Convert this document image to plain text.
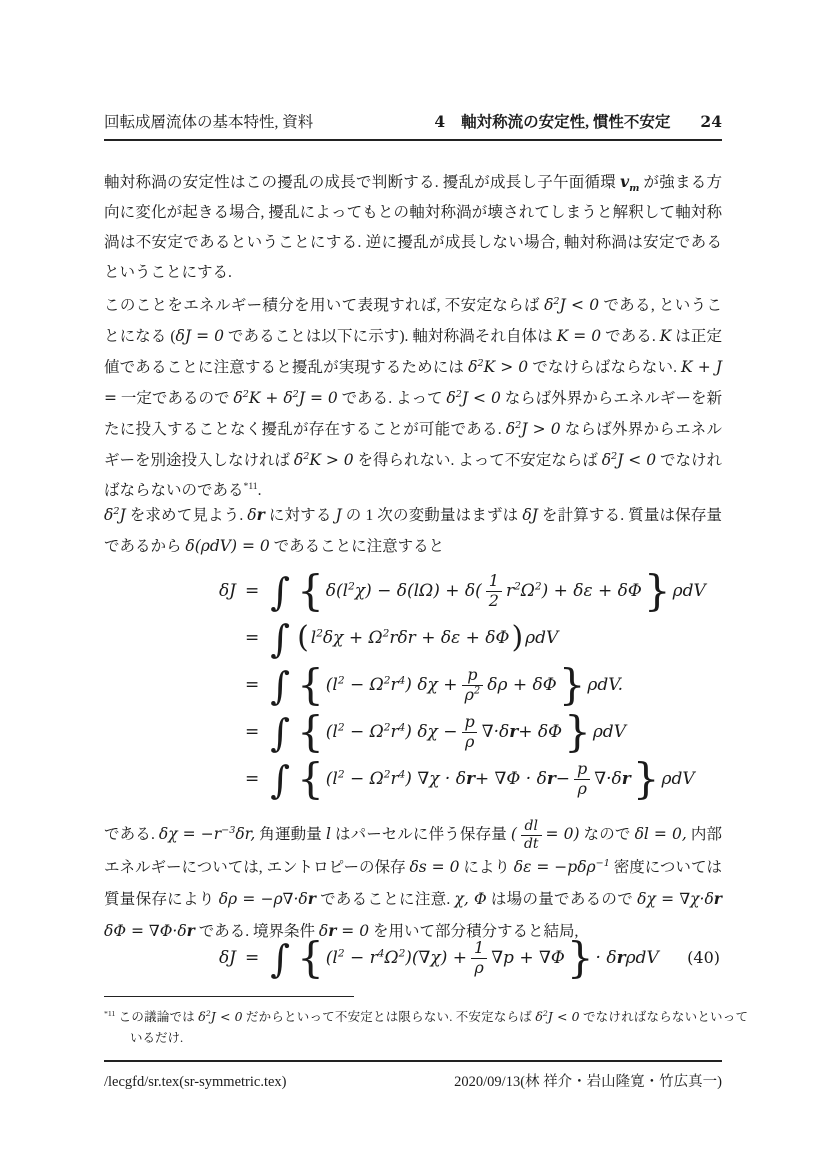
回転成層流体の基本特性, 資料	4 軸対称流の安定性, 慣性不安定 24

軸対称渦の安定性はこの擾乱の成長で判断する. 擾乱が成長し子午面循環 $v_m$ が強まる方向に変化が起きる場合, 擾乱によってもとの軸対称渦が壊されてしまうと解釈して軸対称渦は不安定であるということにする. 逆に擾乱が成長しない場合, 軸対称渦は安定であるということにする.

このことをエネルギー積分を用いて表現すれば, 不安定ならば $\delta^2J < 0$ である, ということになる (δJ = 0 であることは以下に示す). 軸対称渦それ自体は K = 0 である. K は正定値であることに注意すると擾乱が実現するためには $\delta^2K > 0$ でなけらばならない. K + J = 一定であるので $\delta^2K + \delta^2J = 0$ である. よって $\delta^2J < 0$ ならば外界からエネルギーを新たに投入することなく擾乱が存在することが可能である. $\delta^2J > 0$ ならば外界からエネルギーを別途投入しなければ $\delta^2K > 0$ を得られない. よって不安定ならば $\delta^2J < 0$ でなければならないのである$^{*11}$.

$\delta^2J$ を求めて見よう. δr に対する J の 1 次の変動量はまずは δJ を計算する. 質量は保存量であるから δ(ρdV) = 0 であることに注意すると

δJ = ∫ { $\delta(l^2\chi) - \delta(l\Omega) + \delta( \frac{1}{2} r^2\Omega^2) + \delta\varepsilon + \delta\Phi$ } ρdV
= ∫ ( $l^2\delta\chi + \Omega^2r\delta r + \delta\varepsilon + \delta\Phi$ ) ρdV
= ∫ { $(l^2 - \Omega^2r^4) \delta\chi + \frac{p}{\rho^2}$ δρ + δΦ } ρdV.
= ∫ { $(l^2 - \Omega^2r^4) \delta\chi - \frac{p}{\rho} \nabla\cdot\delta$ r + δΦ } ρdV
= ∫ { $(l^2 - \Omega^2r^4) \nabla\chi \cdot \delta$ r + ∇Φ · δ $r - \frac{p}{\rho} \nabla\cdot\delta$ r } ρdV

である. $\delta\chi = -r^{-3}\delta r$, 角運動量 l はパーセルに伴う保存量 ( $\frac{dl}{dt} = 0$) なので δl = 0, 内部エネルギーについては, エントロピーの保存 δs = 0 により δε = −pδρ$^{-1}$ 密度については質量保存により δρ = −ρ∇·δr であることに注意. χ, Φ は場の量であるので δχ = ∇χ·δr δΦ = ∇Φ·δr である. 境界条件 δr = 0 を用いて部分積分すると結局,

δJ = ∫ { $(l^2 - r^4\Omega^2)(\nabla\chi) + \frac{1}{\rho} \nabla p + \nabla\Phi$ } · δ r ρdV (40)

$^{*11}$ この議論では $\delta^2J < 0$ だからといって不安定とは限らない. 不安定ならば $\delta^2J < 0$ でなければならないといっているだけ.

/lecgfd/sr.tex(sr-symmetric.tex)	2020/09/13(林 祥介・岩山隆寛・竹広真一)
